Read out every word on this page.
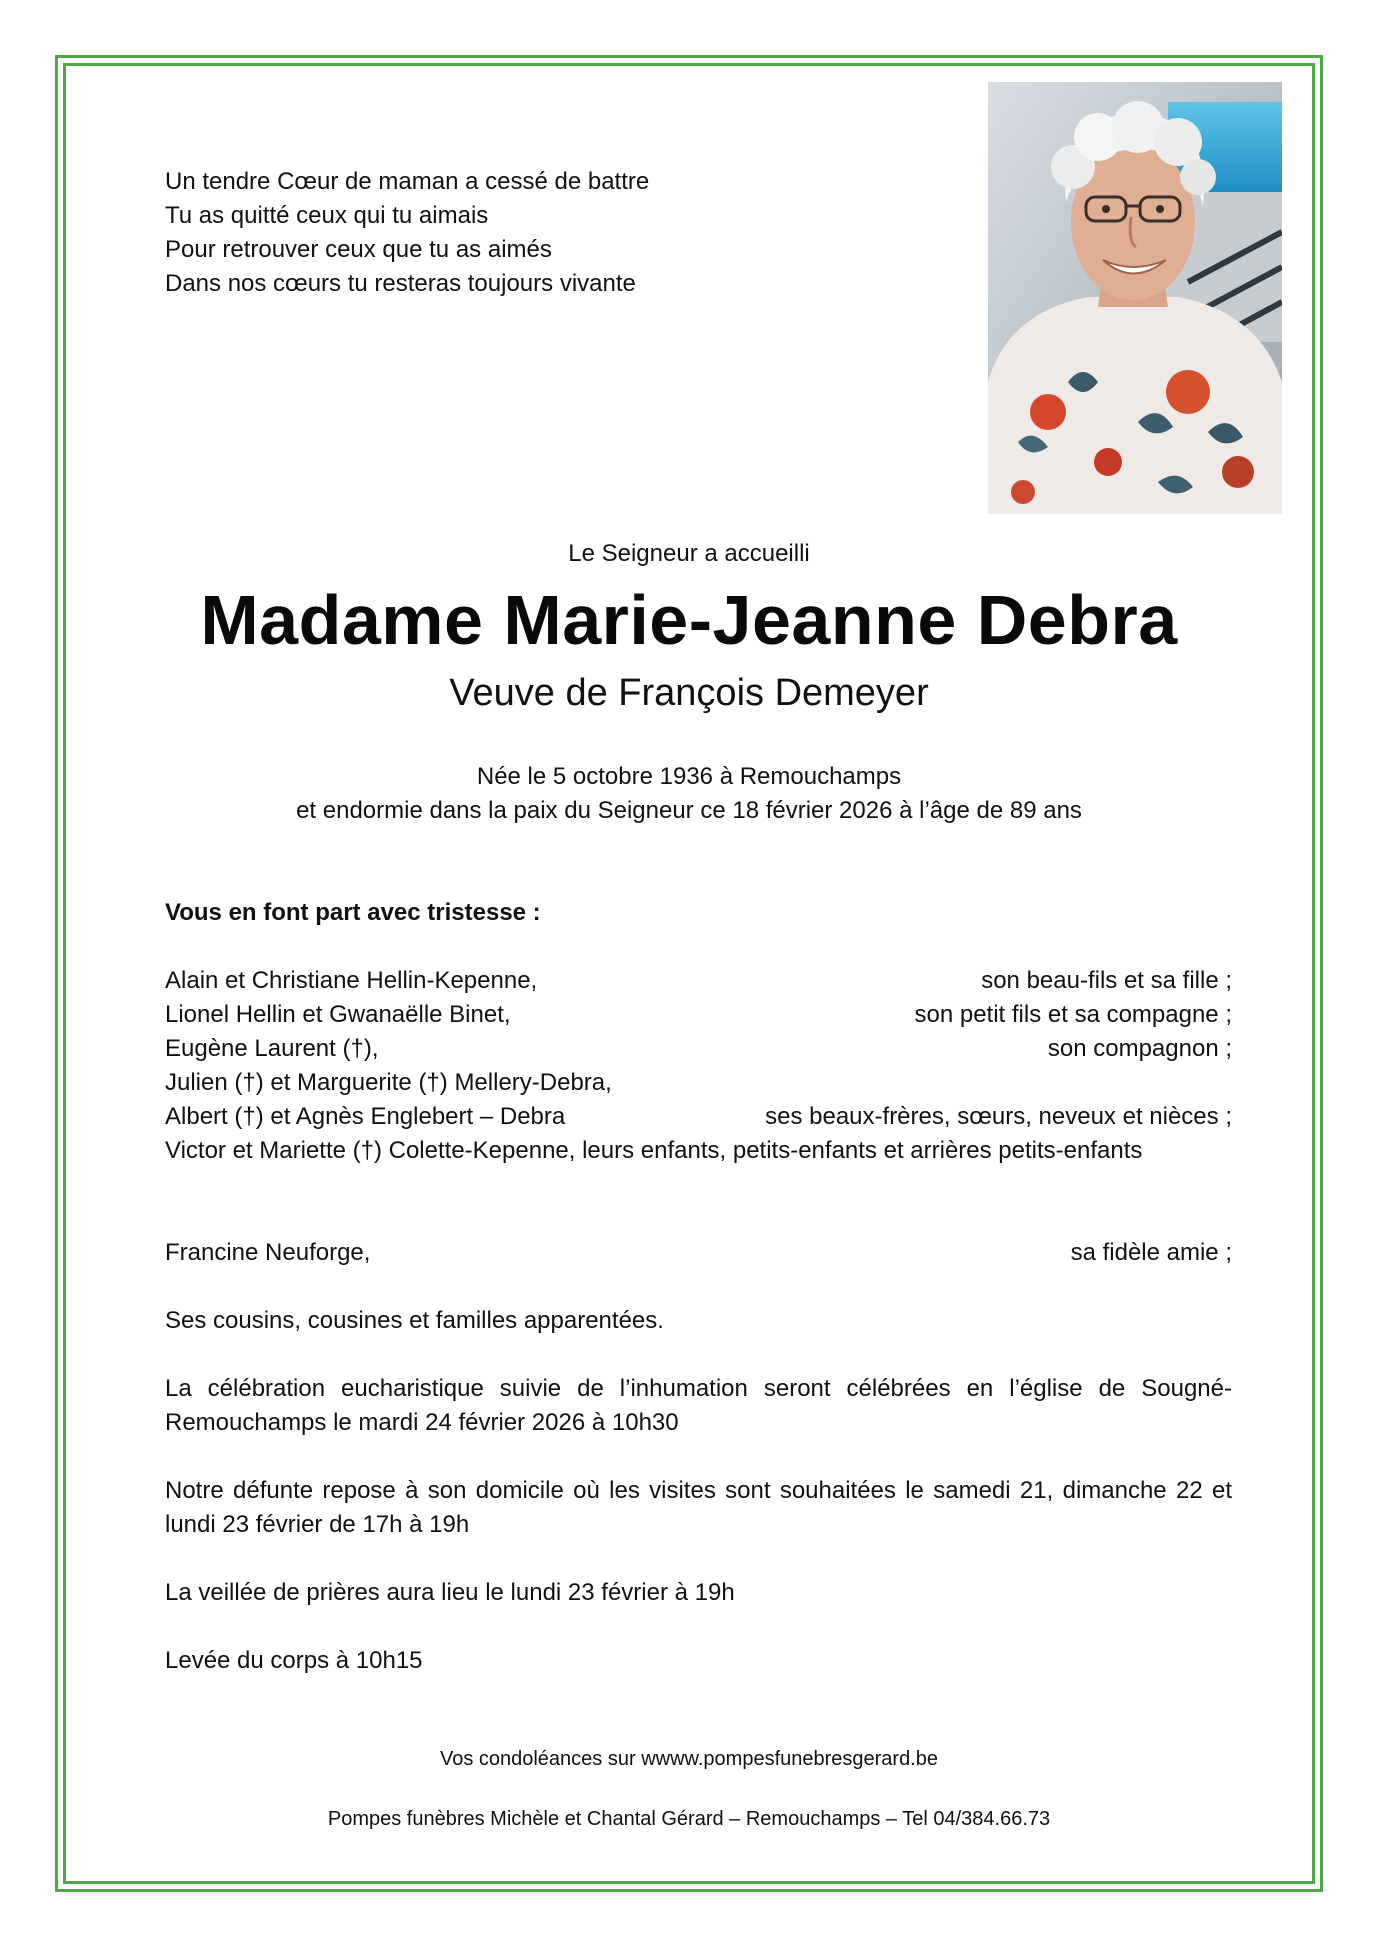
Un tendre Cœur de maman a cessé de battre
Tu as quitté ceux qui tu aimais
Pour retrouver ceux que tu as aimés
Dans nos cœurs tu resteras toujours vivante
Le Seigneur a accueilli
Madame Marie-Jeanne Debra
Veuve de François Demeyer
Née le 5 octobre 1936 à Remouchamps
et endormie dans la paix du Seigneur ce 18 février 2026 à l’âge de 89 ans
Vous en font part avec tristesse :
Alain et Christiane Hellin-Kepenne,	son beau-fils et sa fille ;
Lionel Hellin et Gwanaëlle Binet,	son petit fils et sa compagne ;
Eugène Laurent (†),	son compagnon ;
Julien (†) et Marguerite (†) Mellery-Debra,
Albert (†) et Agnès Englebert – Debra	ses beaux-frères, sœurs, neveux et nièces ;
Victor et Mariette (†) Colette-Kepenne, leurs enfants, petits-enfants et arrières petits-enfants
Francine Neuforge,	sa fidèle amie ;
Ses cousins, cousines et familles apparentées.
La célébration eucharistique suivie de l’inhumation seront célébrées en l’église de Sougné-Remouchamps le mardi 24 février 2026 à 10h30
Notre défunte repose à son domicile où les visites sont souhaitées le samedi 21, dimanche 22 et lundi 23 février de 17h à 19h
La veillée de prières aura lieu le lundi 23 février à 19h
Levée du corps à 10h15
Vos condoléances sur wwww.pompesfunebresgerard.be
Pompes funèbres Michèle et Chantal Gérard – Remouchamps – Tel 04/384.66.73
